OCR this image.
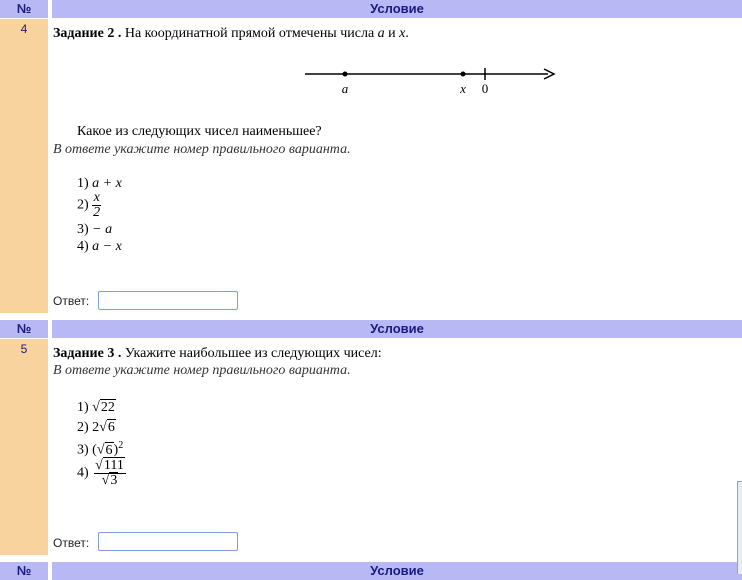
№	Условие
4	Задание 2 . На координатной прямой отмечены числа a и x.
a	x 0
Какое из следующих чисел наименьшее?
В ответе укажите номер правильного варианта.
1) a + x
$2) \frac{x}{2}$
3) − a
4) a − x
Ответ:
№	Условие
5	Задание 3 . Укажите наибольшее из следующих чисел:
В ответе укажите номер правильного варианта.
1) √22
2) 2√6
3) $(√6)^2$
$4) \frac{√111}{√3}$
Ответ:
№	Условие
